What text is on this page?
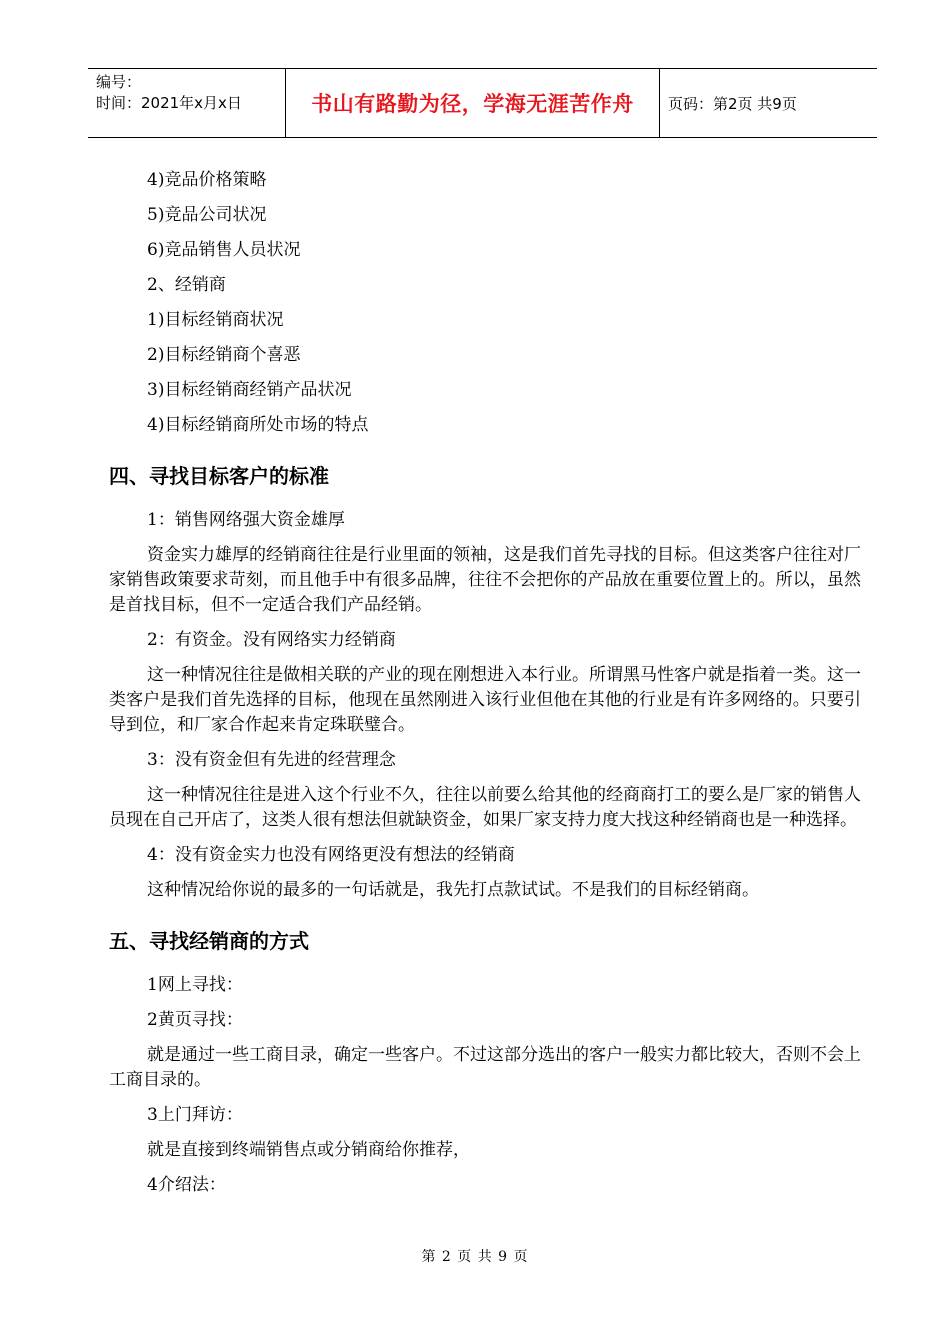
编号：
时间：2021年x月x日	书山有路勤为径，学海无涯苦作舟 页码：第2页 共9页
4)竞品价格策略
5)竞品公司状况
6)竞品销售人员状况
2、经销商
1)目标经销商状况
2)目标经销商个喜恶
3)目标经销商经销产品状况
4)目标经销商所处市场的特点
四、寻找目标客户的标准
1：销售网络强大资金雄厚
资金实力雄厚的经销商往往是行业里面的领袖，这是我们首先寻找的目标。但这类客户往往对厂家销售政策要求苛刻，而且他手中有很多品牌，往往不会把你的产品放在重要位置上的。所以，虽然是首找目标，但不一定适合我们产品经销。
2：有资金。没有网络实力经销商
这一种情况往往是做相关联的产业的现在刚想进入本行业。所谓黑马性客户就是指着一类。这一类客户是我们首先选择的目标，他现在虽然刚进入该行业但他在其他的行业是有许多网络的。只要引导到位，和厂家合作起来肯定珠联璧合。
3：没有资金但有先进的经营理念
这一种情况往往是进入这个行业不久，往往以前要么给其他的经商商打工的要么是厂家的销售人员现在自己开店了，这类人很有想法但就缺资金，如果厂家支持力度大找这种经销商也是一种选择。
4：没有资金实力也没有网络更没有想法的经销商
这种情况给你说的最多的一句话就是，我先打点款试试。不是我们的目标经销商。
五、寻找经销商的方式
1网上寻找：
2黄页寻找：
就是通过一些工商目录，确定一些客户。不过这部分选出的客户一般实力都比较大，否则不会上工商目录的。
3上门拜访：
就是直接到终端销售点或分销商给你推荐，
4介绍法：
第 2 页 共 9 页
